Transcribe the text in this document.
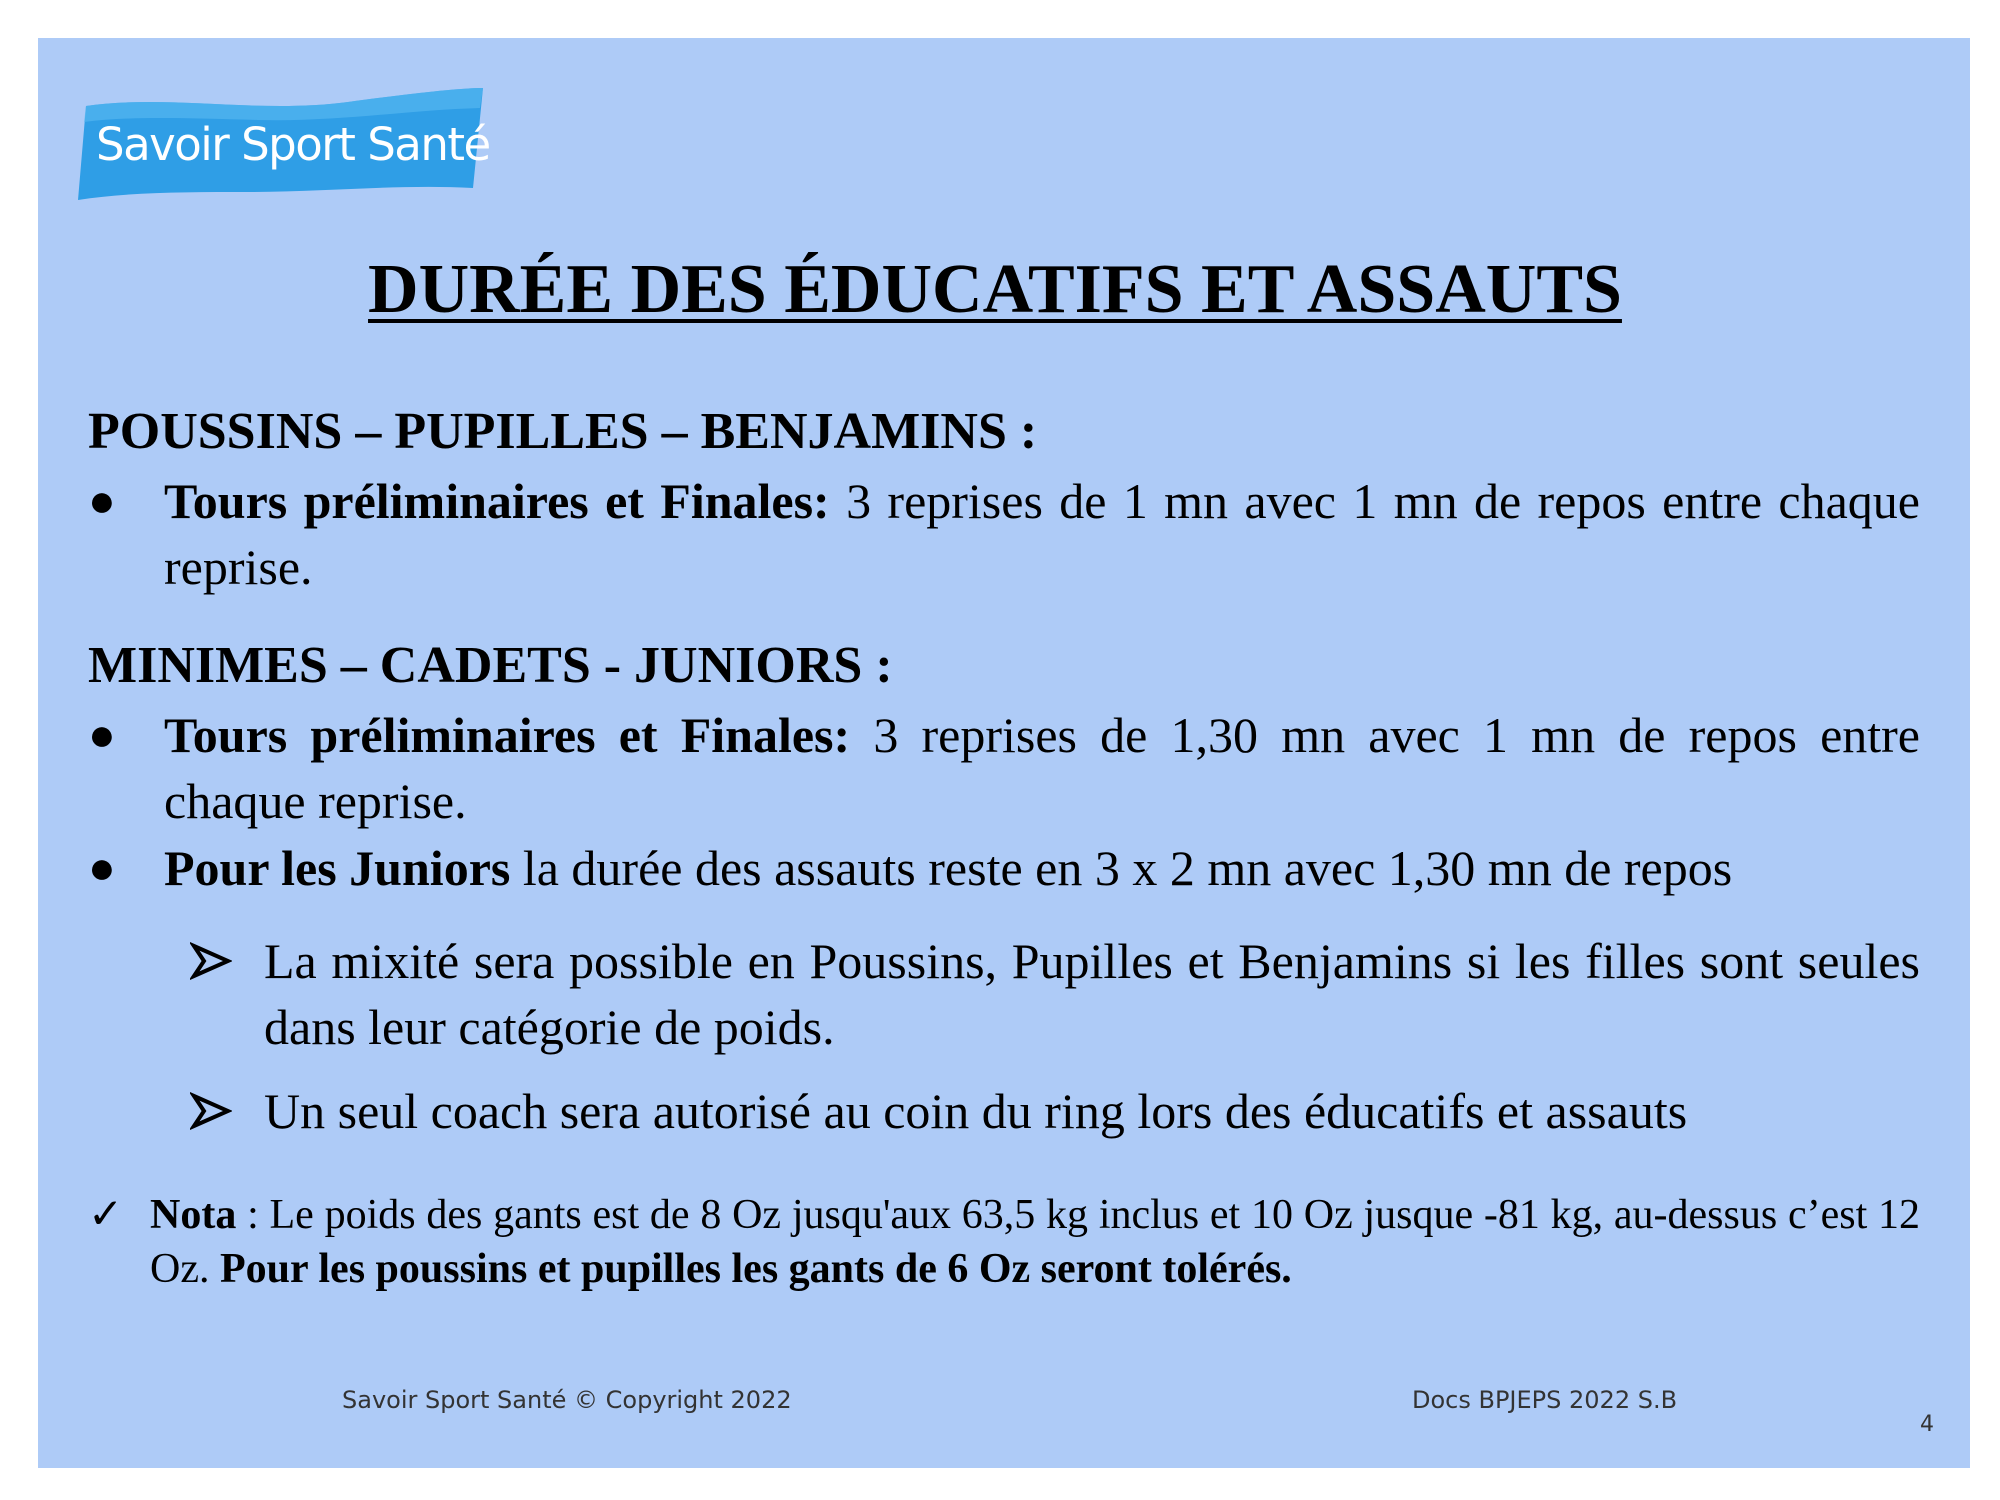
Savoir Sport Santé
DURÉE DES ÉDUCATIFS ET ASSAUTS
POUSSINS – PUPILLES – BENJAMINS :
● Tours préliminaires et Finales: 3 reprises de 1 mn avec 1 mn de repos entre chaque reprise.
MINIMES – CADETS - JUNIORS :
● Tours préliminaires et Finales: 3 reprises de 1,30 mn avec 1 mn de repos entre chaque reprise.
● Pour les Juniors la durée des assauts reste en 3 x 2 mn avec 1,30 mn de repos
La mixité sera possible en Poussins, Pupilles et Benjamins si les filles sont seules dans leur catégorie de poids.
Un seul coach sera autorisé au coin du ring lors des éducatifs et assauts
✓ Nota : Le poids des gants est de 8 Oz jusqu'aux 63,5 kg inclus et 10 Oz jusque -81 kg, au-dessus c’est 12 Oz. Pour les poussins et pupilles les gants de 6 Oz seront tolérés.
Savoir Sport Santé © Copyright 2022	Docs BPJEPS 2022 S.B
4
